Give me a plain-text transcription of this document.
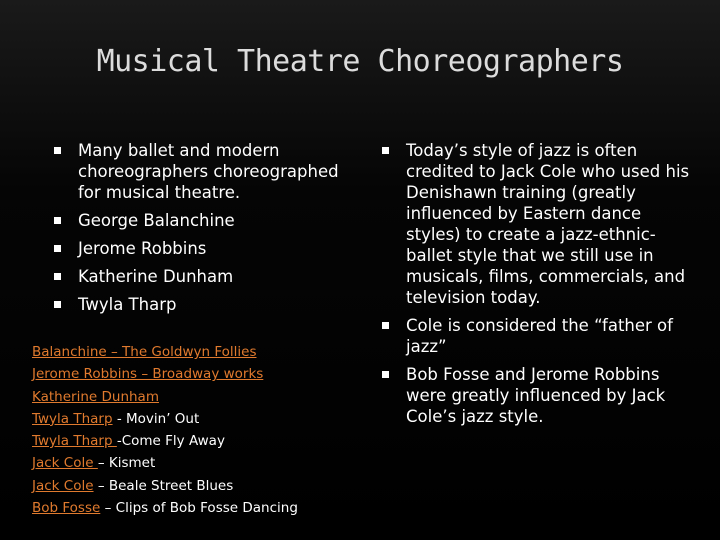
Musical Theatre Choreographers
Many ballet and modern choreographers choreographed for musical theatre.
George Balanchine
Jerome Robbins
Katherine Dunham
Twyla Tharp
Balanchine – The Goldwyn Follies
Jerome Robbins – Broadway works
Katherine Dunham
Twyla Tharp - Movin’ Out
Twyla Tharp -Come Fly Away
Jack Cole – Kismet
Jack Cole – Beale Street Blues
Bob Fosse – Clips of Bob Fosse Dancing
Today’s style of jazz is often credited to Jack Cole who used his Denishawn training (greatly influenced by Eastern dance styles) to create a jazz-ethnic-ballet style that we still use in musicals, films, commercials, and television today.
Cole is considered the “father of jazz”
Bob Fosse and Jerome Robbins were greatly influenced by Jack Cole’s jazz style.
